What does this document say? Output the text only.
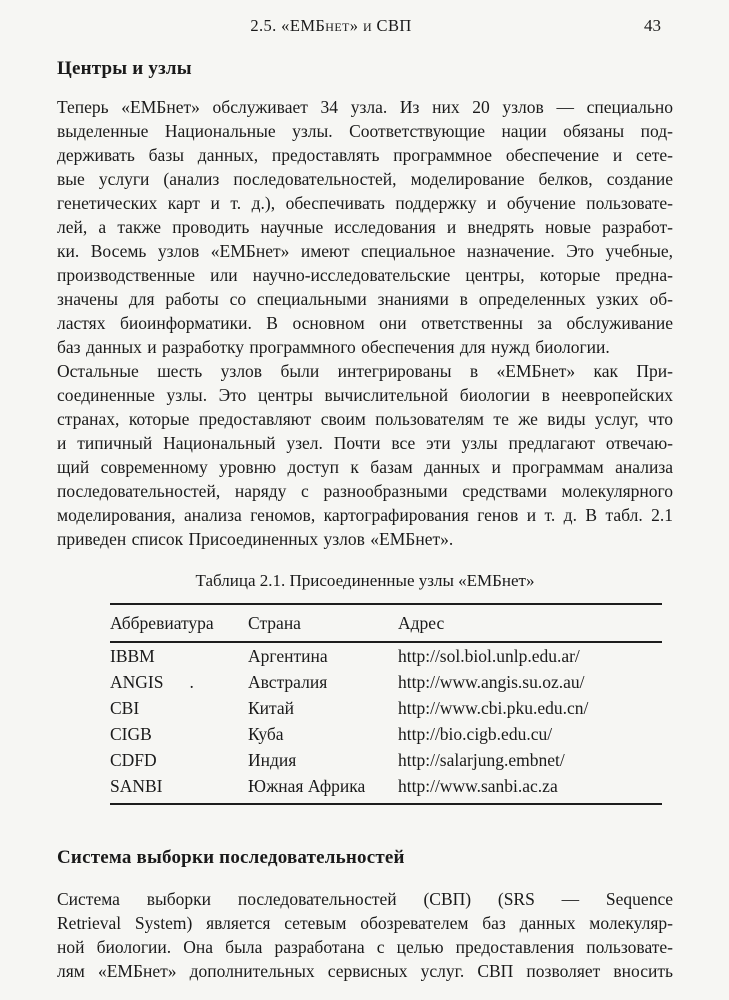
2.5. «ЕМБнет» и СВП	43
Центры и узлы
Теперь «ЕМБнет» обслуживает 34 узла. Из них 20 узлов — специально
выделенные Национальные узлы. Соответствующие нации обязаны под-
держивать базы данных, предоставлять программное обеспечение и сете-
вые услуги (анализ последовательностей, моделирование белков, создание
генетических карт и т. д.), обеспечивать поддержку и обучение пользовате-
лей, а также проводить научные исследования и внедрять новые разработ-
ки. Восемь узлов «ЕМБнет» имеют специальное назначение. Это учебные,
производственные или научно-исследовательские центры, которые предна-
значены для работы со специальными знаниями в определенных узких об-
ластях биоинформатики. В основном они ответственны за обслуживание
баз данных и разработку программного обеспечения для нужд биологии.
Остальные шесть узлов были интегрированы в «ЕМБнет» как При-
соединенные узлы. Это центры вычислительной биологии в неевропейских
странах, которые предоставляют своим пользователям те же виды услуг, что
и типичный Национальный узел. Почти все эти узлы предлагают отвечаю-
щий современному уровню доступ к базам данных и программам анализа
последовательностей, наряду с разнообразными средствами молекулярного
моделирования, анализа геномов, картографирования генов и т. д. В табл. 2.1
приведен список Присоединенных узлов «ЕМБнет».
Таблица 2.1. Присоединенные узлы «ЕМБнет»
Аббревиатура	Страна	Адрес
IBBM	Аргентина	http://sol.biol.unlp.edu.ar/
ANGIS .	Австралия	http://www.angis.su.oz.au/
CBI	Китай	http://www.cbi.pku.edu.cn/
CIGB	Куба	http://bio.cigb.edu.cu/
CDFD	Индия	http://salarjung.embnet/
SANBI	Южная Африка	http://www.sanbi.ac.za
Система выборки последовательностей
Система выборки последовательностей (СВП) (SRS — Sequence
Retrieval System) является сетевым обозревателем баз данных молекуляр-
ной биологии. Она была разработана с целью предоставления пользовате-
лям «ЕМБнет» дополнительных сервисных услуг. СВП позволяет вносить
